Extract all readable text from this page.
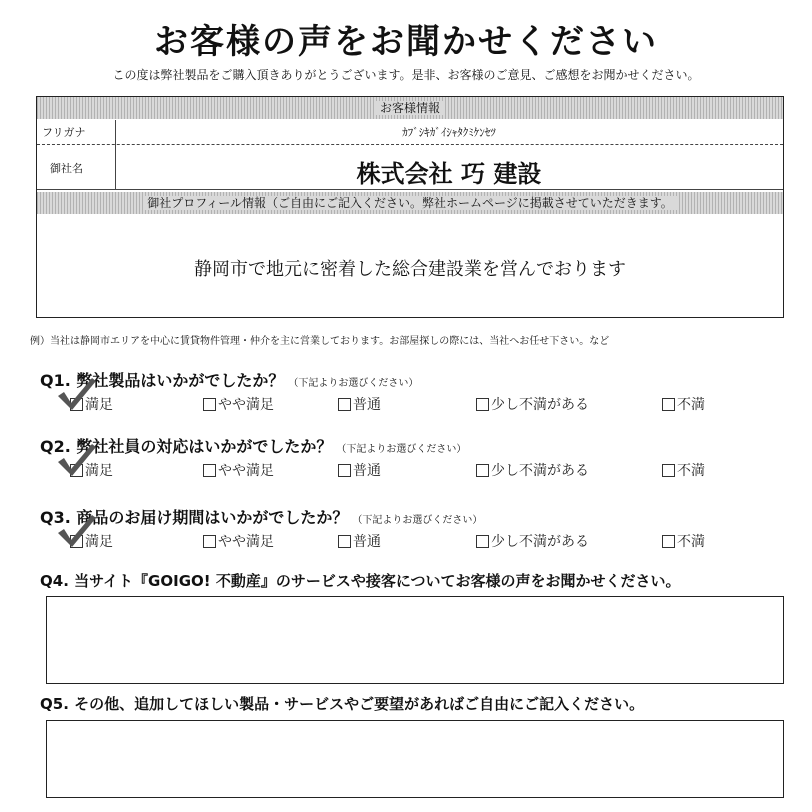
お客様の声をお聞かせください
この度は弊社製品をご購入頂きありがとうございます。是非、お客様のご意見、ご感想をお聞かせください。
お客様情報
フリガナ	ｶﾌﾞｼｷｶﾞｲｼｬﾀｸﾐｹﾝｾﾂ
御社名	株式会社 巧 建設
御社プロフィール情報（ご自由にご記入ください。弊社ホームページに掲載させていただきます。
静岡市で地元に密着した総合建設業を営んでおります
例）当社は静岡市エリアを中心に賃貸物件管理・仲介を主に営業しております。お部屋探しの際には、当社へお任せ下さい。など
Q1. 弊社製品はいかがでしたか？ （下記よりお選びください）
満足	やや満足	普通	少し不満がある	不満
Q2. 弊社社員の対応はいかがでしたか？ （下記よりお選びください）
満足	やや満足	普通	少し不満がある	不満
Q3. 商品のお届け期間はいかがでしたか？ （下記よりお選びください）
満足	やや満足	普通	少し不満がある	不満
Q4. 当サイト『GOIGO! 不動産』のサービスや接客についてお客様の声をお聞かせください。
Q5. その他、追加してほしい製品・サービスやご要望があればご自由にご記入ください。
